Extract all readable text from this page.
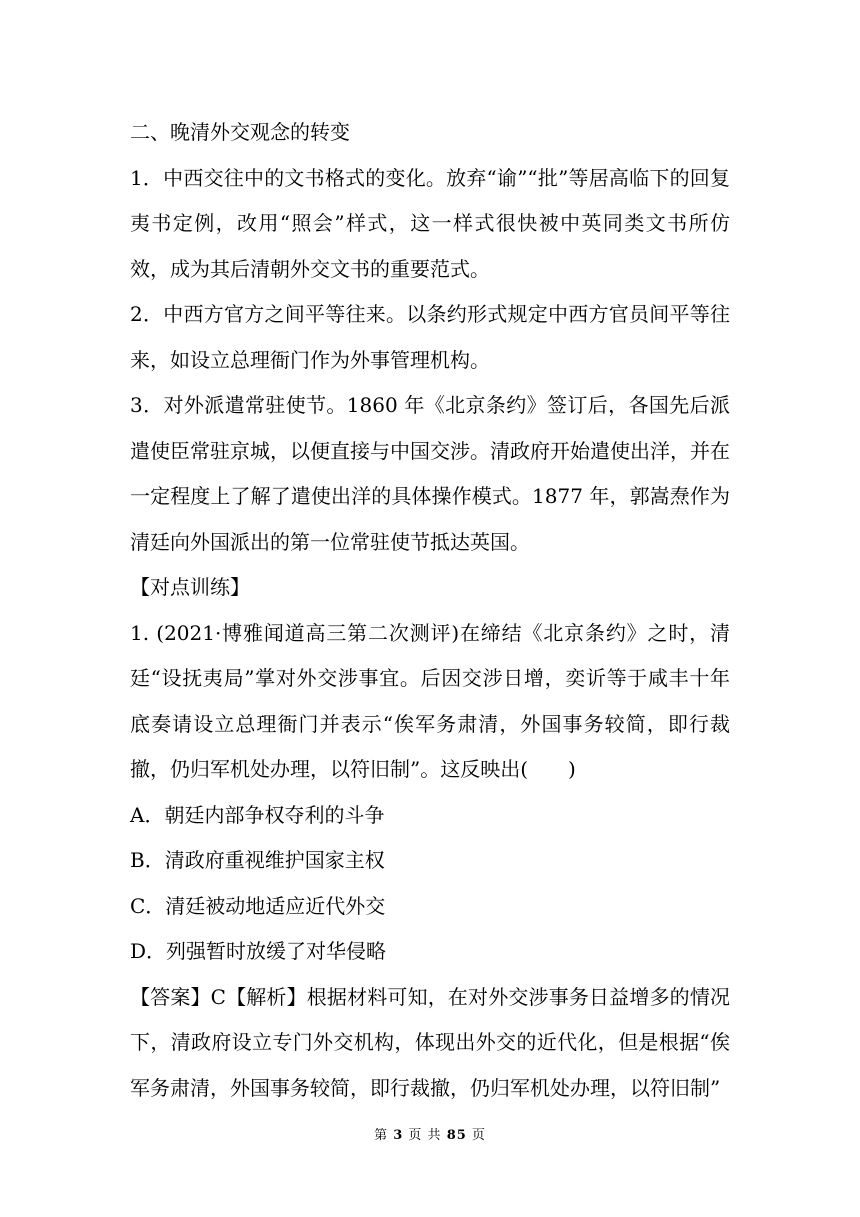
二、晚清外交观念的转变

1．中西交往中的文书格式的变化。放弃“谕”“批”等居高临下的回复夷书定例，改用“照会”样式，这一样式很快被中英同类文书所仿效，成为其后清朝外交文书的重要范式。

2．中西方官方之间平等往来。以条约形式规定中西方官员间平等往来，如设立总理衙门作为外事管理机构。

3．对外派遣常驻使节。1860 年《北京条约》签订后，各国先后派遣使臣常驻京城，以便直接与中国交涉。清政府开始遣使出洋，并在一定程度上了解了遣使出洋的具体操作模式。1877 年，郭嵩焘作为清廷向外国派出的第一位常驻使节抵达英国。

【对点训练】

1. (2021·博雅闻道高三第二次测评)在缔结《北京条约》之时，清廷“设抚夷局”掌对外交涉事宜。后因交涉日增，奕䜣等于咸丰十年底奏请设立总理衙门并表示“俟军务肃清，外国事务较简，即行裁撤，仍归军机处办理，以符旧制”。这反映出(　　)

A．朝廷内部争权夺利的斗争

B．清政府重视维护国家主权

C．清廷被动地适应近代外交

D．列强暂时放缓了对华侵略

【答案】C【解析】根据材料可知，在对外交涉事务日益增多的情况下，清政府设立专门外交机构，体现出外交的近代化，但是根据“俟军务肃清，外国事务较简，即行裁撤，仍归军机处办理，以符旧制”

第 3 页 共 85 页
